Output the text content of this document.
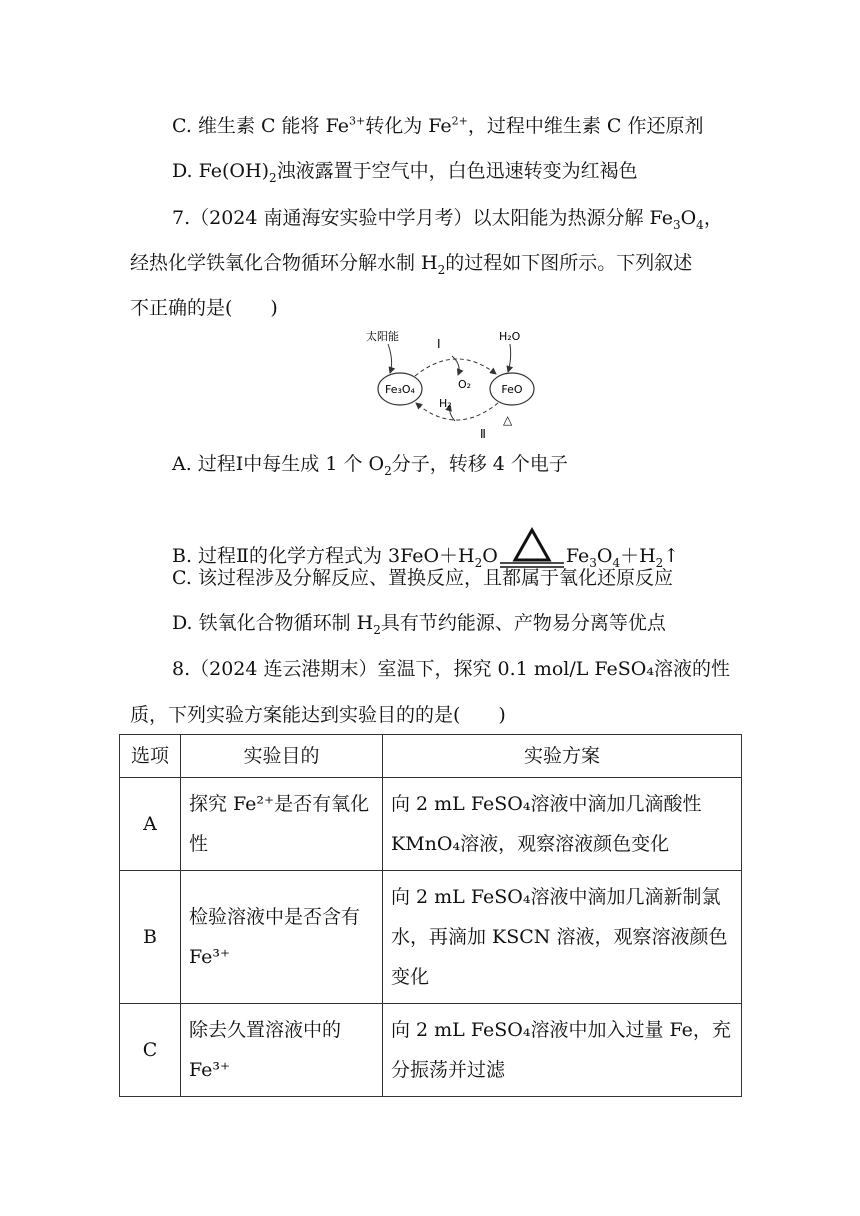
C. 维生素 C 能将 $Fe^{3+}$转化为 $Fe^{2+}$，过程中维生素 C 作还原剂
D. $Fe(OH)_2$浊液露置于空气中，白色迅速转变为红褐色
7.（2024 南通海安实验中学月考）以太阳能为热源分解 $Fe_3O_4$，
经热化学铁氧化合物循环分解水制 $H_2$的过程如下图所示。下列叙述
不正确的是(　　)
太阳能	H₂O
Fe₃O₄	FeO
Ⅰ
O₂
Ⅱ
△
H₂
A. 过程Ⅰ中每生成 1 个 $O_2$分子，转移 4 个电子
B. 过程Ⅱ的化学方程式为 $3FeO+H_2O$	$Fe_3O_4+H_2↑$
C. 该过程涉及分解反应、置换反应，且都属于氧化还原反应
D. 铁氧化合物循环制 $H_2$具有节约能源、产物易分离等优点
8.（2024 连云港期末）室温下，探究 0.1 mol/L FeSO₄溶液的性
质，下列实验方案能达到实验目的的是(　　)
选项	实验目的	实验方案
A	探究 Fe²⁺是否有氧化性	向 2 mL FeSO₄溶液中滴加几滴酸性 KMnO₄溶液，观察溶液颜色变化
B	检验溶液中是否含有 Fe³⁺	向 2 mL FeSO₄溶液中滴加几滴新制氯水，再滴加 KSCN 溶液，观察溶液颜色变化
C	除去久置溶液中的 Fe³⁺	向 2 mL FeSO₄溶液中加入过量 Fe，充分振荡并过滤
